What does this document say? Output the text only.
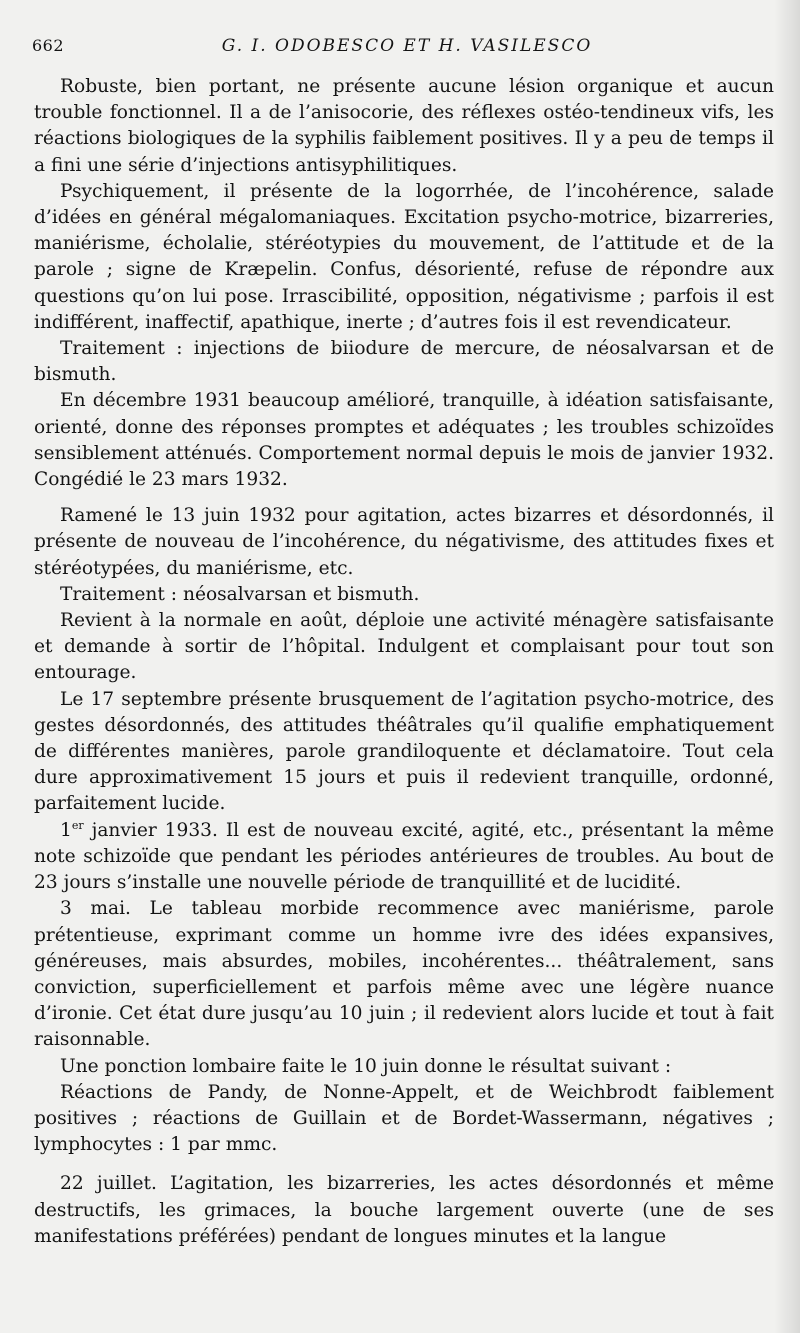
662	G. I. ODOBESCO ET H. VASILESCO

Robuste, bien portant, ne présente aucune lésion organique et aucun trouble fonctionnel. Il a de l’anisocorie, des réflexes ostéo-tendineux vifs, les réactions biologiques de la syphilis faiblement positives. Il y a peu de temps il a fini une série d’injections antisyphilitiques.

Psychiquement, il présente de la logorrhée, de l’incohérence, salade d’idées en général mégalomaniaques. Excitation psycho-motrice, bizarreries, maniérisme, écholalie, stéréotypies du mouvement, de l’attitude et de la parole ; signe de Kræpelin. Confus, désorienté, refuse de répondre aux questions qu’on lui pose. Irrascibilité, opposition, négativisme ; parfois il est indifférent, inaffectif, apathique, inerte ; d’autres fois il est revendicateur.

Traitement : injections de biiodure de mercure, de néosalvarsan et de bismuth.

En décembre 1931 beaucoup amélioré, tranquille, à idéation satisfaisante, orienté, donne des réponses promptes et adéquates ; les troubles schizoïdes sensiblement atténués. Comportement normal depuis le mois de janvier 1932. Congédié le 23 mars 1932.

Ramené le 13 juin 1932 pour agitation, actes bizarres et désordonnés, il présente de nouveau de l’incohérence, du négativisme, des attitudes fixes et stéréotypées, du maniérisme, etc.

Traitement : néosalvarsan et bismuth.

Revient à la normale en août, déploie une activité ménagère satisfaisante et demande à sortir de l’hôpital. Indulgent et complaisant pour tout son entourage.

Le 17 septembre présente brusquement de l’agitation psycho-motrice, des gestes désordonnés, des attitudes théâtrales qu’il qualifie emphatiquement de différentes manières, parole grandiloquente et déclamatoire. Tout cela dure approximativement 15 jours et puis il redevient tranquille, ordonné, parfaitement lucide.

1er janvier 1933. Il est de nouveau excité, agité, etc., présentant la même note schizoïde que pendant les périodes antérieures de troubles. Au bout de 23 jours s’installe une nouvelle période de tranquillité et de lucidité.

3 mai. Le tableau morbide recommence avec maniérisme, parole prétentieuse, exprimant comme un homme ivre des idées expansives, généreuses, mais absurdes, mobiles, incohérentes... théâtralement, sans conviction, superficiellement et parfois même avec une légère nuance d’ironie. Cet état dure jusqu’au 10 juin ; il redevient alors lucide et tout à fait raisonnable.

Une ponction lombaire faite le 10 juin donne le résultat suivant :

Réactions de Pandy, de Nonne-Appelt, et de Weichbrodt faiblement positives ; réactions de Guillain et de Bordet-Wassermann, négatives ; lymphocytes : 1 par mmc.

22 juillet. L’agitation, les bizarreries, les actes désordonnés et même destructifs, les grimaces, la bouche largement ouverte (une de ses manifestations préférées) pendant de longues minutes et la langue
